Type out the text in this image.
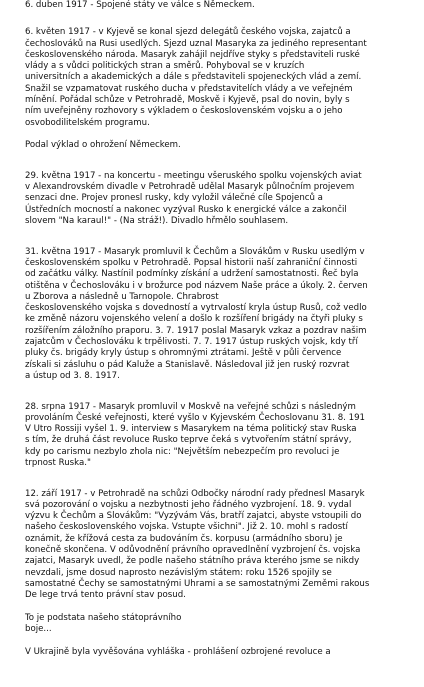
6. duben 1917 - Spojené státy ve válce s Německem.
6. květen 1917 - v Kyjevě se konal sjezd delegátů českého vojska, zajatců a
čechoslováků na Rusi usedlých. Sjezd uznal Masaryka za jediného representant
československého národa. Masaryk zahájil nejdříve styky s představiteli ruské
vlády a s vůdci politických stran a směrů. Pohyboval se v kruzích
universitních a akademických a dále s představiteli spojeneckých vlád a zemí.
Snažil se vzpamatovat ruského ducha v představitelích vlády a ve veřejném
mínění. Pořádal schůze v Petrohradě, Moskvě i Kyjevě, psal do novin, byly s
ním uveřejněny rozhovory s výkladem o československém vojsku a o jeho
osvobodilitelském programu.
Podal výklad o ohrožení Německem.
29. května 1917 - na koncertu - meetingu všeruského spolku vojenských aviat
v Alexandrovském divadle v Petrohradě udělal Masaryk půlnočním projevem
senzaci dne. Projev pronesl rusky, kdy vyložil válečné cíle Spojenců a
Ústředních mocností a nakonec vyzýval Rusko k energické válce a zakončil
slovem "Na karaul!" - (Na stráž!). Divadlo hřmělo souhlasem.
31. května 1917 - Masaryk promluvil k Čechům a Slovákům v Rusku usedlým v
československém spolku v Petrohradě. Popsal historii naší zahraniční činnosti
od začátku války. Nastínil podmínky získání a udržení samostatnosti. Řeč byla
otištěna v Čechoslováku i v brožurce pod názvem Naše práce a úkoly. 2. červen
u Zborova a následně u Tarnopole. Chrabrost
československého vojska s dovedností a vytrvalostí kryla ústup Rusů, což vedlo
ke změně názoru vojenského velení a došlo k rozšíření brigády na čtyři pluky s
rozšířením záložního praporu. 3. 7. 1917 poslal Masaryk vzkaz a pozdrav našim
zajatcům v Čechoslováku k trpělivosti. 7. 7. 1917 ústup ruských vojsk, kdy tří
pluky čs. brigády kryly ústup s ohromnými ztrátami. Ještě v půli července
získali si zásluhu o pád Kaluže a Stanislavě. Následoval již jen ruský rozvrat
a ústup od 3. 8. 1917.
28. srpna 1917 - Masaryk promluvil v Moskvě na veřejné schůzi s následným
provoláním České veřejnosti, které vyšlo v Kyjevském Čechoslovanu 31. 8. 191
V Utro Rossiji vyšel 1. 9. interview s Masarykem na téma politický stav Ruska
s tím, že druhá část revoluce Rusko teprve čeká s vytvořením státní správy,
kdy po carismu nezbylo zhola nic: "Největším nebezpečím pro revoluci je
trpnost Ruska."
12. září 1917 - v Petrohradě na schůzi Odbočky národní rady přednesl Masaryk
svá pozorování o vojsku a nezbytnosti jeho řádného vyzbrojení. 18. 9. vydal
výzvu k Čechům a Slovákům: "Vyzývám Vás, bratří zajatci, abyste vstoupili do
našeho československého vojska. Vstupte všichni". Již 2. 10. mohl s radostí
oznámit, že křížová cesta za budováním čs. korpusu (armádního sboru) je
konečně skončena. V odůvodnění právního opravedlnění vyzbrojení čs. vojska
zajatci, Masaryk uvedl, že podle našeho státního práva kterého jsme se nikdy
nevzdali, jsme dosud naprosto nezávislým státem: roku 1526 spojily se
samostatné Čechy se samostatnými Uhrami a se samostatnými Zeměmi rakous
De lege trvá tento právní stav posud.
To je podstata našeho státoprávního
boje...
V Ukrajině byla vyvěšována vyhláška - prohlášení ozbrojené revoluce a
